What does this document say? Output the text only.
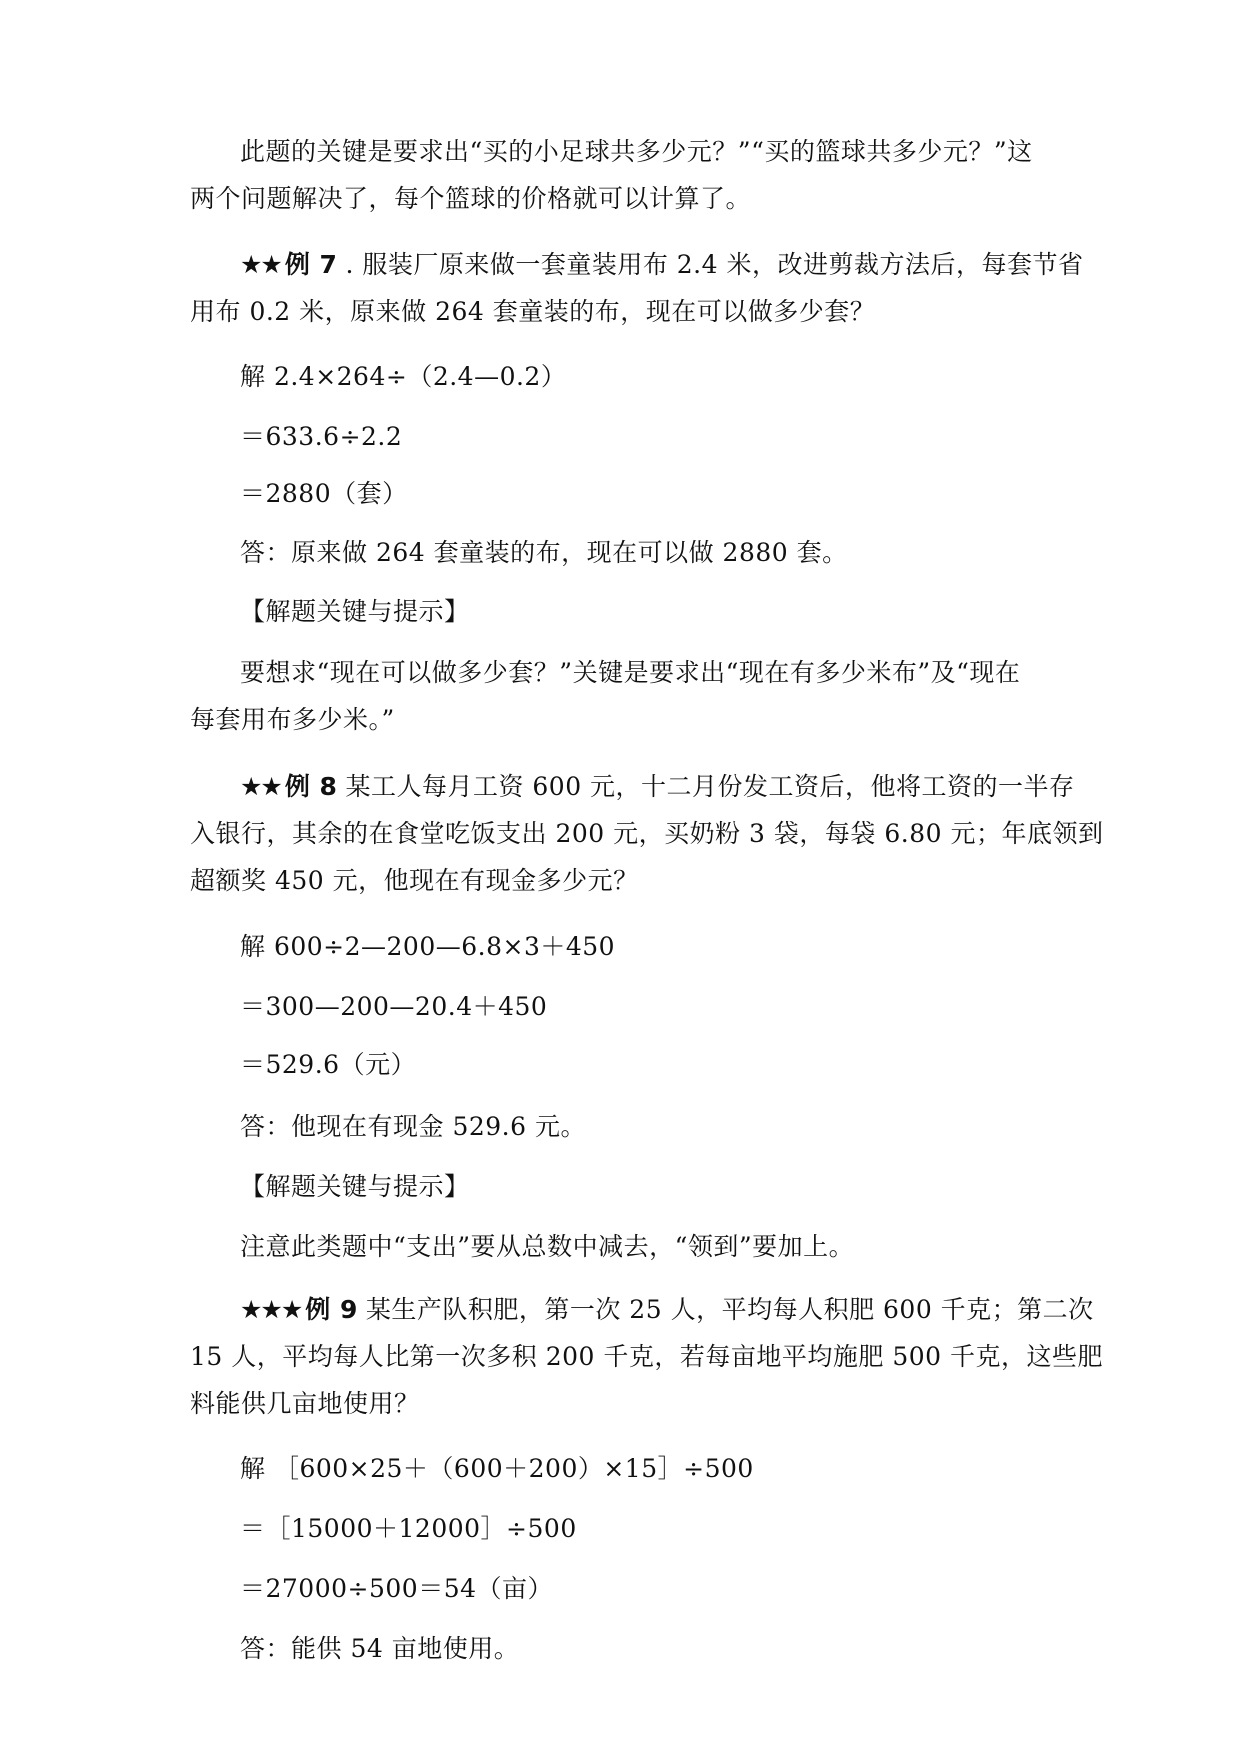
此题的关键是要求出“买的小足球共多少元？”“买的篮球共多少元？”这
两个问题解决了，每个篮球的价格就可以计算了。
★★ 例 7 . 服装厂原来做一套童装用布 2.4 米，改进剪裁方法后，每套节省
用布 0.2 米，原来做 264 套童装的布，现在可以做多少套？
解 2.4×264÷（2.4—0.2）
＝633.6÷2.2
＝2880（套）
答：原来做 264 套童装的布，现在可以做 2880 套。
【解题关键与提示】
要想求“现在可以做多少套？”关键是要求出“现在有多少米布”及“现在
每套用布多少米。”
★★ 例 8 某工人每月工资 600 元，十二月份发工资后，他将工资的一半存
入银行，其余的在食堂吃饭支出 200 元，买奶粉 3 袋，每袋 6.80 元；年底领到
超额奖 450 元，他现在有现金多少元？
解 600÷2—200—6.8×3＋450
＝300—200—20.4＋450
＝529.6（元）
答：他现在有现金 529.6 元。
【解题关键与提示】
注意此类题中“支出”要从总数中减去，“领到”要加上。
★★★ 例 9 某生产队积肥，第一次 25 人，平均每人积肥 600 千克；第二次
15 人，平均每人比第一次多积 200 千克，若每亩地平均施肥 500 千克，这些肥
料能供几亩地使用？
解 ［600×25＋（600＋200）×15］÷500
＝［15000＋12000］÷500
＝27000÷500＝54（亩）
答：能供 54 亩地使用。
